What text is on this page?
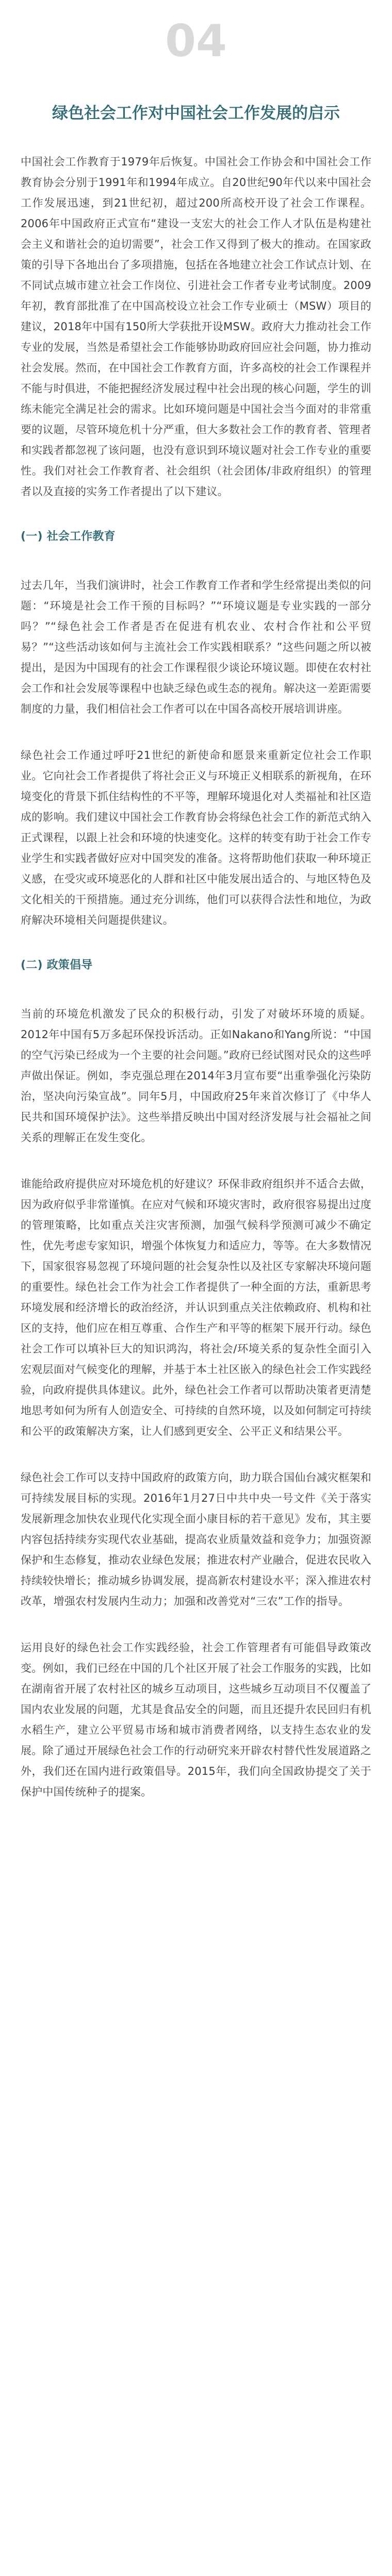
04
绿色社会工作对中国社会工作发展的启示

中国社会工作教育于1979年后恢复。中国社会工作协会和中国社会工作教育协会分别于1991年和1994年成立。自20世纪90年代以来中国社会工作发展迅速，到21世纪初，超过200所高校开设了社会工作课程。2006年中国政府正式宣布“建设一支宏大的社会工作人才队伍是构建社会主义和谐社会的迫切需要”，社会工作又得到了极大的推动。在国家政策的引导下各地出台了多项措施，包括在各地建立社会工作试点计划、在不同试点城市建立社会工作岗位、引进社会工作者专业考试制度。2009年初，教育部批准了在中国高校设立社会工作专业硕士（MSW）项目的建议，2018年中国有150所大学获批开设MSW。政府大力推动社会工作专业的发展，当然是希望社会工作能够协助政府回应社会问题，协力推动社会发展。然而，在中国社会工作教育方面，许多高校的社会工作课程并不能与时俱进，不能把握经济发展过程中社会出现的核心问题，学生的训练未能完全满足社会的需求。比如环境问题是中国社会当今面对的非常重要的议题，尽管环境危机十分严重，但大多数社会工作的教育者、管理者和实践者都忽视了该问题，也没有意识到环境议题对社会工作专业的重要性。我们对社会工作教育者、社会组织（社会团体/非政府组织）的管理者以及直接的实务工作者提出了以下建议。

(一) 社会工作教育

过去几年，当我们演讲时，社会工作教育工作者和学生经常提出类似的问题：“环境是社会工作干预的目标吗？”“环境议题是专业实践的一部分吗？”“绿色社会工作者是否在促进有机农业、农村合作社和公平贸易？”“这些活动该如何与主流社会工作实践相联系？”这些问题之所以被提出，是因为中国现有的社会工作课程很少谈论环境议题。即使在农村社会工作和社会发展等课程中也缺乏绿色或生态的视角。解决这一差距需要制度的力量，我们相信社会工作者可以在中国各高校开展培训讲座。

绿色社会工作通过呼吁21世纪的新使命和愿景来重新定位社会工作职业。它向社会工作者提供了将社会正义与环境正义相联系的新视角，在环境变化的背景下抓住结构性的不平等，理解环境退化对人类福祉和社区造成的影响。我们建议中国社会工作教育协会将绿色社会工作的新范式纳入正式课程，以跟上社会和环境的快速变化。这样的转变有助于社会工作专业学生和实践者做好应对中国突发的准备。这将帮助他们获取一种环境正义感，在受灾或环境恶化的人群和社区中能发展出适合的、与地区特色及文化相关的干预措施。通过充分训练，他们可以获得合法性和地位，为政府解决环境相关问题提供建议。

(二) 政策倡导

当前的环境危机激发了民众的积极行动，引发了对破坏环境的质疑。2012年中国有5万多起环保投诉活动。正如Nakano和Yang所说：“中国的空气污染已经成为一个主要的社会问题。”政府已经试图对民众的这些呼声做出保证。例如，李克强总理在2014年3月宣布要“出重拳强化污染防治，坚决向污染宣战”。同年5月，中国政府25年来首次修订了《中华人民共和国环境保护法》。这些举措反映出中国对经济发展与社会福祉之间关系的理解正在发生变化。

谁能给政府提供应对环境危机的好建议？环保非政府组织并不适合去做，因为政府似乎非常谨慎。在应对气候和环境灾害时，政府很容易提出过度的管理策略，比如重点关注灾害预测，加强气候科学预测可减少不确定性，优先考虑专家知识，增强个体恢复力和适应力，等等。在大多数情况下，国家很容易忽视了环境问题的社会复杂性以及社区专家解决环境问题的重要性。绿色社会工作为社会工作者提供了一种全面的方法，重新思考环境发展和经济增长的政治经济，并认识到重点关注依赖政府、机构和社区的支持，他们应在相互尊重、合作生产和平等的框架下展开行动。绿色社会工作可以填补巨大的知识鸿沟，将社会/环境关系的复杂性全面引入宏观层面对气候变化的理解，并基于本土社区嵌入的绿色社会工作实践经验，向政府提供具体建议。此外，绿色社会工作者可以帮助决策者更清楚地思考如何为所有人创造安全、可持续的自然环境，以及如何制定可持续和公平的政策解决方案，让人们感到更安全、公平正义和结果公平。

绿色社会工作可以支持中国政府的政策方向，助力联合国仙台减灾框架和可持续发展目标的实现。2016年1月27日中共中央一号文件《关于落实发展新理念加快农业现代化实现全面小康目标的若干意见》发布，其主要内容包括持续夯实现代农业基础，提高农业质量效益和竞争力；加强资源保护和生态修复，推动农业绿色发展；推进农村产业融合，促进农民收入持续较快增长；推动城乡协调发展，提高新农村建设水平；深入推进农村改革，增强农村发展内生动力；加强和改善党对“三农”工作的指导。

运用良好的绿色社会工作实践经验，社会工作管理者有可能倡导政策改变。例如，我们已经在中国的几个社区开展了社会工作服务的实践，比如在湖南省开展了农村社区的城乡互动项目，这些城乡互动项目不仅覆盖了国内农业发展的问题，尤其是食品安全的问题，而且还提升农民回归有机水稻生产，建立公平贸易市场和城市消费者网络，以支持生态农业的发展。除了通过开展绿色社会工作的行动研究来开辟农村替代性发展道路之外，我们还在国内进行政策倡导。2015年，我们向全国政协提交了关于保护中国传统种子的提案。
